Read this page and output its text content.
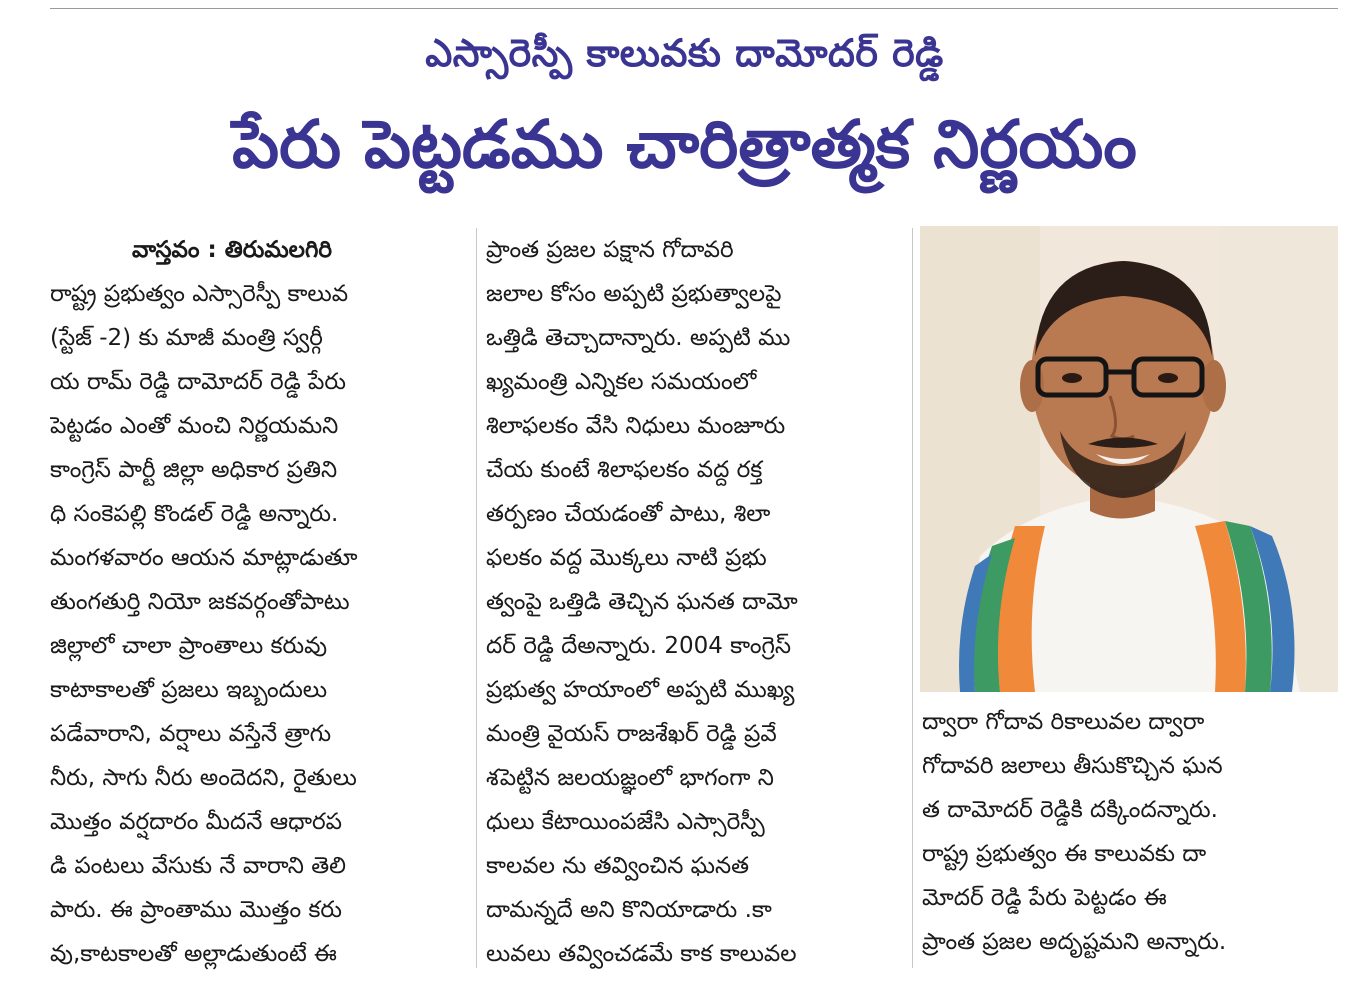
ఎస్సారెస్పీ కాలువకు దామోదర్ రెడ్డి
పేరు పెట్టడము చారిత్రాత్మక నిర్ణయం
వాస్తవం : తిరుమలగిరి
రాష్ట్ర ప్రభుత్వం ఎస్సారెస్పీ కాలువ
(స్టేజ్ -2) కు మాజీ మంత్రి స్వర్గీ
య రామ్ రెడ్డి దామోదర్ రెడ్డి పేరు
పెట్టడం ఎంతో మంచి నిర్ణయమని
కాంగ్రెస్ పార్టీ జిల్లా అధికార ప్రతిని
ధి సంకెపల్లి కొండల్ రెడ్డి అన్నారు.
మంగళవారం ఆయన మాట్లాడుతూ
తుంగతుర్తి నియో జకవర్గంతోపాటు
జిల్లాలో చాలా ప్రాంతాలు కరువు
కాటాకాలతో ప్రజలు ఇబ్బందులు
పడేవారాని, వర్షాలు వస్తేనే త్రాగు
నీరు, సాగు నీరు అందెదని, రైతులు
మొత్తం వర్షదారం మీదనే ఆధారప
డి పంటలు వేసుకు నే వారాని తెలి
పారు. ఈ ప్రాంతాము మొత్తం కరు
వు,కాటకాలతో అల్లాడుతుంటే ఈ
ప్రాంత ప్రజల పక్షాన గోదావరి
జలాల కోసం అప్పటి ప్రభుత్వాలపై
ఒత్తిడి తెచ్చాదాన్నారు. అప్పటి ము
ఖ్యమంత్రి ఎన్నికల సమయంలో
శిలాఫలకం వేసి నిధులు మంజూరు
చేయ కుంటే శిలాఫలకం వద్ద రక్త
తర్పణం చేయడంతో పాటు, శిలా
ఫలకం వద్ద మొక్కలు నాటి ప్రభు
త్వంపై ఒత్తిడి తెచ్చిన ఘనత దామో
దర్ రెడ్డి దేఅన్నారు. 2004 కాంగ్రెస్
ప్రభుత్వ హయాంలో అప్పటి ముఖ్య
మంత్రి వైయస్ రాజశేఖర్ రెడ్డి ప్రవే
శపెట్టిన జలయజ్ఞంలో భాగంగా ని
ధులు కేటాయింపజేసి ఎస్సారెస్పీ
కాలవల ను తవ్వించిన ఘనత
దామన్నదే అని కొనియాడారు .కా
లువలు తవ్వించడమే కాక కాలువల
ద్వారా గోదావ రికాలువల ద్వారా
గోదావరి జలాలు తీసుకొచ్చిన ఘన
త దామోదర్ రెడ్డికి దక్కిందన్నారు.
రాష్ట్ర ప్రభుత్వం ఈ కాలువకు దా
మోదర్ రెడ్డి పేరు పెట్టడం ఈ
ప్రాంత ప్రజల అదృష్టమని అన్నారు.
